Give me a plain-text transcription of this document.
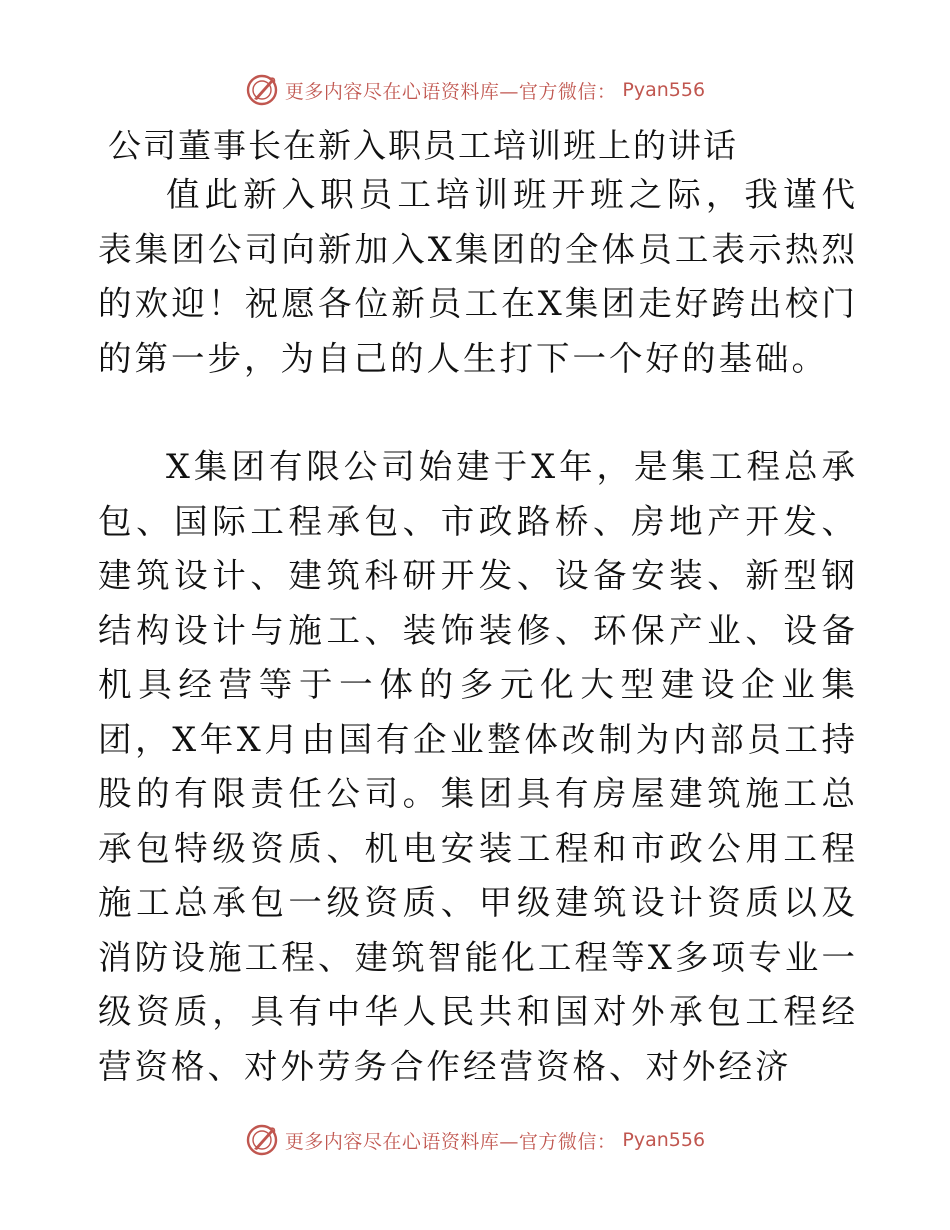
更多内容尽在心语资料库—官方微信： Pyan556
公司董事长在新入职员工培训班上的讲话

值此新入职员工培训班开班之际，我谨代表集团公司向新加入X集团的全体员工表示热烈的欢迎！祝愿各位新员工在X集团走好跨出校门的第一步，为自己的人生打下一个好的基础。

X集团有限公司始建于X年，是集工程总承包、国际工程承包、市政路桥、房地产开发、建筑设计、建筑科研开发、设备安装、新型钢结构设计与施工、装饰装修、环保产业、设备机具经营等于一体的多元化大型建设企业集团，X年X月由国有企业整体改制为内部员工持股的有限责任公司。集团具有房屋建筑施工总承包特级资质、机电安装工程和市政公用工程施工总承包一级资质、甲级建筑设计资质以及消防设施工程、建筑智能化工程等X多项专业一级资质，具有中华人民共和国对外承包工程经营资格、对外劳务合作经营资格、对外经济

更多内容尽在心语资料库—官方微信： Pyan556
